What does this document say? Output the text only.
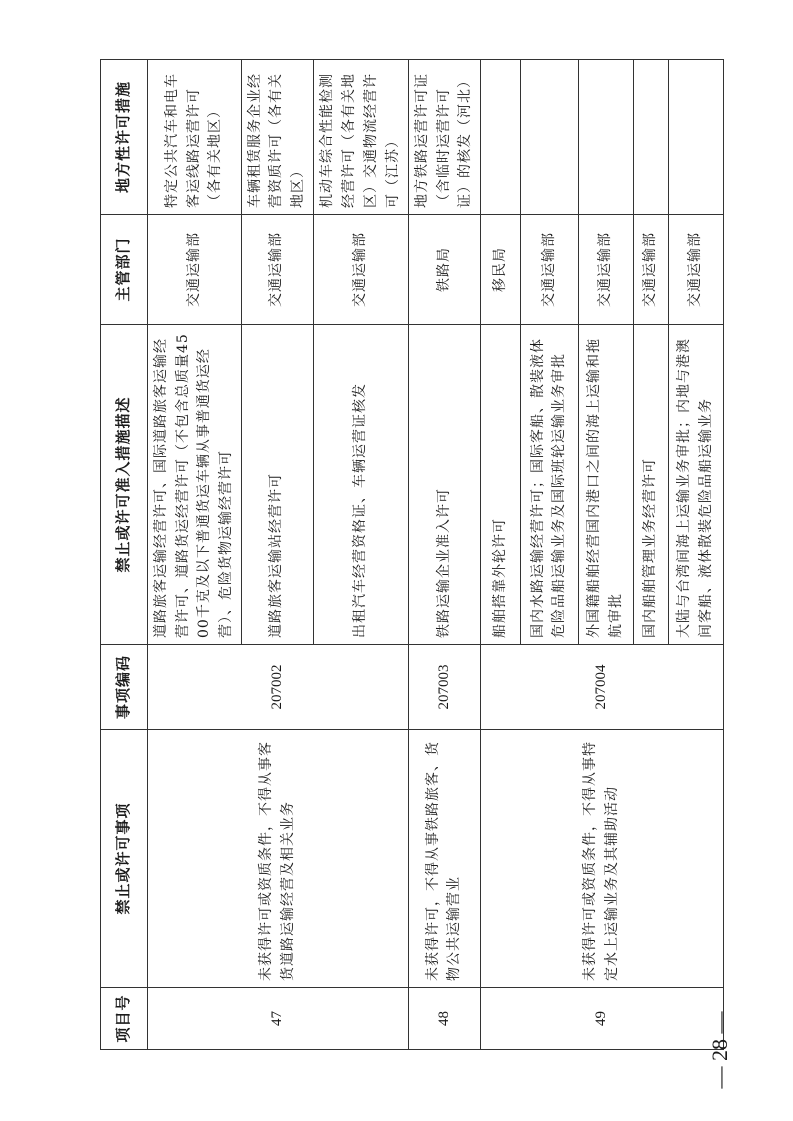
项目号	禁止或许可事项	事项编码	禁止或许可准入措施描述	主管部门	地方性许可措施
47	未获得许可或资质条件，不得从事客货道路运输经营及相关业务	207002	道路旅客运输经营许可、国际道路旅客运输经营许可、道路货运经营许可（不包含总质量4500千克及以下普通货运车辆从事普通货运经营）、危险货物运输经营许可	交通运输部	特定公共汽车和电车客运线路运营许可（各有关地区）
			道路旅客运输站经营许可	交通运输部	车辆租赁服务企业经营资质许可（各有关地区）
			出租汽车经营资格证、车辆运营证核发	交通运输部	机动车综合性能检测经营许可（各有关地区）交通物流经营许可（江苏）
48	未获得许可，不得从事铁路旅客、货物公共运输营业	207003	铁路运输企业准入许可	铁路局	地方铁路运营许可证（含临时运营许可证）的核发（河北）
49	未获得许可或资质条件，不得从事特定水上运输业务及其辅助活动	207004	船舶搭靠外轮许可	移民局	
			国内水路运输经营许可；国际客船、散装液体危险品船运输业务及国际班轮运输业务审批	交通运输部	
			外国籍船舶经营国内港口之间的海上运输和拖航审批	交通运输部	
			国内船舶管理业务经营许可	交通运输部	
			大陆与台湾间海上运输业务审批；内地与港澳间客船、液体散装危险品船运输业务	交通运输部	
— 28 —
